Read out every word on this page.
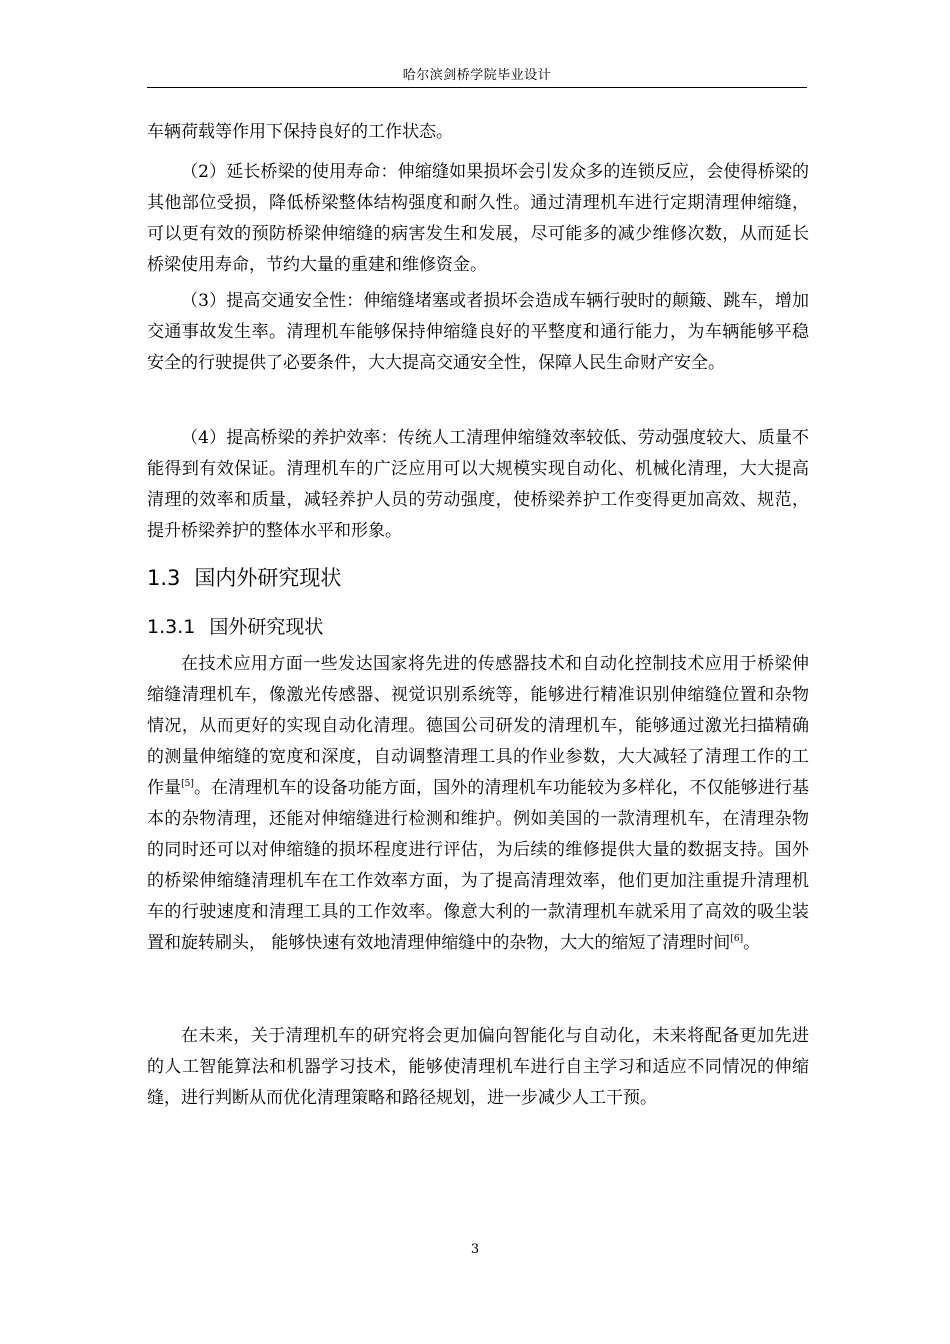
哈尔滨剑桥学院毕业设计

车辆荷载等作用下保持良好的工作状态。

（2）延长桥梁的使用寿命：伸缩缝如果损坏会引发众多的连锁反应，会使得桥梁的其他部位受损，降低桥梁整体结构强度和耐久性。通过清理机车进行定期清理伸缩缝，可以更有效的预防桥梁伸缩缝的病害发生和发展，尽可能多的减少维修次数，从而延长桥梁使用寿命，节约大量的重建和维修资金。

（3）提高交通安全性：伸缩缝堵塞或者损坏会造成车辆行驶时的颠簸、跳车，增加交通事故发生率。清理机车能够保持伸缩缝良好的平整度和通行能力，为车辆能够平稳安全的行驶提供了必要条件，大大提高交通安全性，保障人民生命财产安全。

（4）提高桥梁的养护效率：传统人工清理伸缩缝效率较低、劳动强度较大、质量不能得到有效保证。清理机车的广泛应用可以大规模实现自动化、机械化清理，大大提高清理的效率和质量，减轻养护人员的劳动强度，使桥梁养护工作变得更加高效、规范，提升桥梁养护的整体水平和形象。

1.3 国内外研究现状
1.3.1 国外研究现状

在技术应用方面一些发达国家将先进的传感器技术和自动化控制技术应用于桥梁伸缩缝清理机车，像激光传感器、视觉识别系统等，能够进行精准识别伸缩缝位置和杂物情况，从而更好的实现自动化清理。德国公司研发的清理机车，能够通过激光扫描精确的测量伸缩缝的宽度和深度，自动调整清理工具的作业参数，大大减轻了清理工作的工作量[5]。在清理机车的设备功能方面，国外的清理机车功能较为多样化，不仅能够进行基本的杂物清理，还能对伸缩缝进行检测和维护。例如美国的一款清理机车，在清理杂物的同时还可以对伸缩缝的损坏程度进行评估，为后续的维修提供大量的数据支持。国外的桥梁伸缩缝清理机车在工作效率方面，为了提高清理效率，他们更加注重提升清理机车的行驶速度和清理工具的工作效率。像意大利的一款清理机车就采用了高效的吸尘装置和旋转刷头， 能够快速有效地清理伸缩缝中的杂物，大大的缩短了清理时间[6]。

在未来，关于清理机车的研究将会更加偏向智能化与自动化，未来将配备更加先进的人工智能算法和机器学习技术，能够使清理机车进行自主学习和适应不同情况的伸缩缝，进行判断从而优化清理策略和路径规划，进一步减少人工干预。

3
